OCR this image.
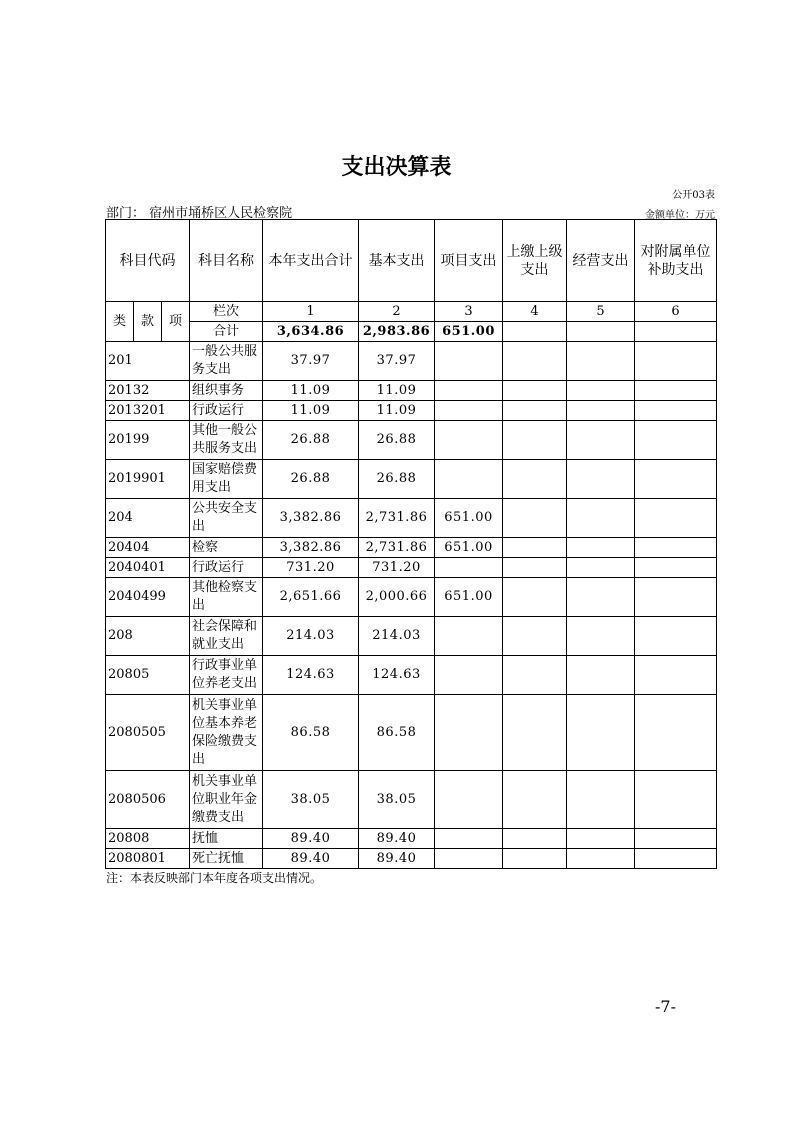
支出决算表
公开03表
部门： 宿州市埇桥区人民检察院	金额单位：万元
科目代码			科目名称	本年支出合计	基本支出	项目支出	上缴上级支出	经营支出	对附属单位补助支出
类	款	项	栏次	1	2	3	4	5	6
			合计	3,634.86	2,983.86	651.00			
201			一般公共服务支出	37.97	37.97				
20132			组织事务	11.09	11.09				
2013201			行政运行	11.09	11.09				
20199			其他一般公共服务支出	26.88	26.88				
2019901			国家赔偿费用支出	26.88	26.88				
204			公共安全支出	3,382.86	2,731.86	651.00			
20404			检察	3,382.86	2,731.86	651.00			
2040401			行政运行	731.20	731.20				
2040499			其他检察支出	2,651.66	2,000.66	651.00			
208			社会保障和就业支出	214.03	214.03				
20805			行政事业单位养老支出	124.63	124.63				
2080505			机关事业单位基本养老保险缴费支出	86.58	86.58				
2080506			机关事业单位职业年金缴费支出	38.05	38.05				
20808			抚恤	89.40	89.40				
2080801			死亡抚恤	89.40	89.40				
注：本表反映部门本年度各项支出情况。
-7-
